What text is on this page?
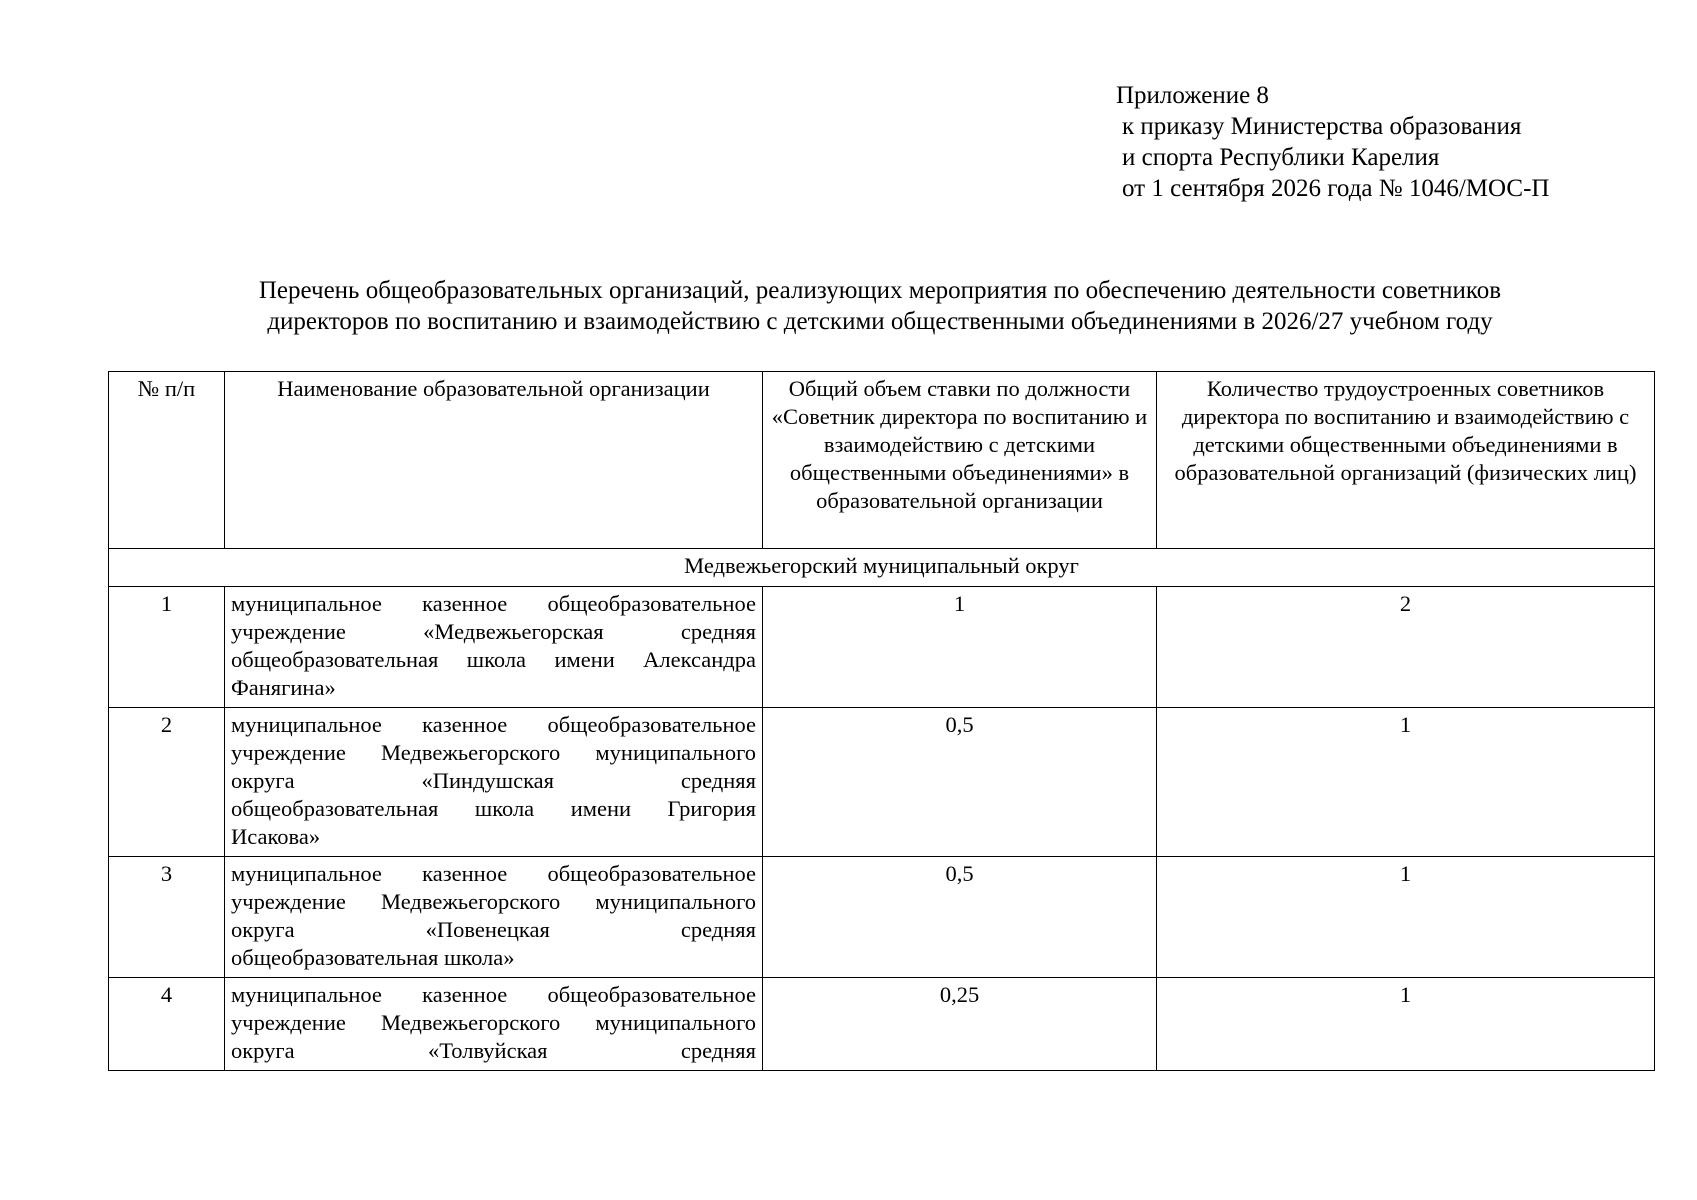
Приложение 8
к приказу Министерства образования
и спорта Республики Карелия
от 1 сентября 2026 года № 1046/МОС-П
Перечень общеобразовательных организаций, реализующих мероприятия по обеспечению деятельности советников
директоров по воспитанию и взаимодействию с детскими общественными объединениями в 2026/27 учебном году
№ п/п	Наименование образовательной организации	Общий объем ставки по должности «Советник директора по воспитанию и взаимодействию с детскими общественными объединениями» в образовательной организации	Количество трудоустроенных советников директора по воспитанию и взаимодействию с детскими общественными объединениями в образовательной организаций (физических лиц)
Медвежьегорский муниципальный округ			
1	муниципальное казенное общеобразовательное
учреждение «Медвежьегорская средняя
общеобразовательная школа имени Александра
Фанягина»	1	2
2	муниципальное казенное общеобразовательное
учреждение Медвежьегорского муниципального
округа «Пиндушская средняя
общеобразовательная школа имени Григория
Исакова»	0,5	1
3	муниципальное казенное общеобразовательное
учреждение Медвежьегорского муниципального
округа «Повенецкая средняя
общеобразовательная школа»	0,5	1
4	муниципальное казенное общеобразовательное
учреждение Медвежьегорского муниципального
округа «Толвуйская средняя	0,25	1
